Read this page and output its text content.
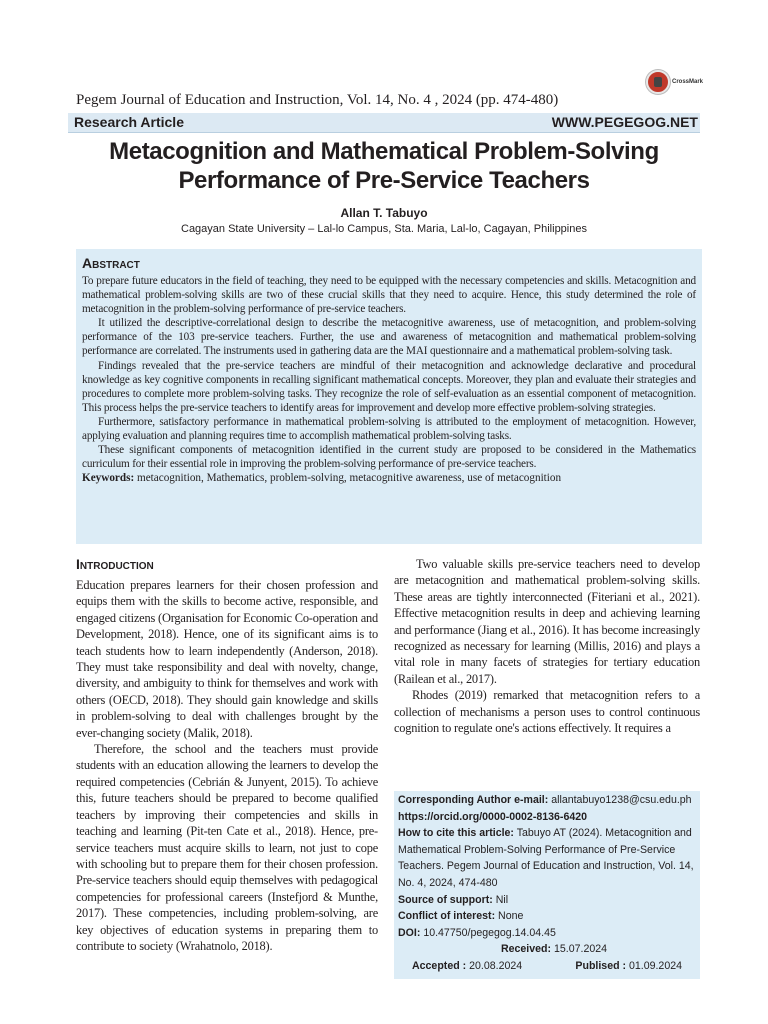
CrossMark
Pegem Journal of Education and Instruction, Vol. 14, No. 4 , 2024 (pp. 474-480)
Research Article	WWW.PEGEGOG.NET
Metacognition and Mathematical Problem-Solving
Performance of Pre-Service Teachers
Allan T. Tabuyo
Cagayan State University – Lal-lo Campus, Sta. Maria, Lal-lo, Cagayan, Philippines
Abstract

To prepare future educators in the field of teaching, they need to be equipped with the necessary competencies and skills. Metacognition and mathematical problem-solving skills are two of these crucial skills that they need to acquire. Hence, this study determined the role of metacognition in the problem-solving performance of pre-service teachers.

It utilized the descriptive-correlational design to describe the metacognitive awareness, use of metacognition, and problem-solving performance of the 103 pre-service teachers. Further, the use and awareness of metacognition and mathematical problem-solving performance are correlated. The instruments used in gathering data are the MAI questionnaire and a mathematical problem-solving task.

Findings revealed that the pre-service teachers are mindful of their metacognition and acknowledge declarative and procedural knowledge as key cognitive components in recalling significant mathematical concepts. Moreover, they plan and evaluate their strategies and procedures to complete more problem-solving tasks. They recognize the role of self-evaluation as an essential component of metacognition. This process helps the pre-service teachers to identify areas for improvement and develop more effective problem-solving strategies.

Furthermore, satisfactory performance in mathematical problem-solving is attributed to the employment of metacognition. However, applying evaluation and planning requires time to accomplish mathematical problem-solving tasks.

These significant components of metacognition identified in the current study are proposed to be considered in the Mathematics curriculum for their essential role in improving the problem-solving performance of pre-service teachers.

Keywords: metacognition, Mathematics, problem-solving, metacognitive awareness, use of metacognition
Introduction

Education prepares learners for their chosen profession and equips them with the skills to become active, responsible, and engaged citizens (Organisation for Economic Co-operation and Development, 2018). Hence, one of its significant aims is to teach students how to learn independently (Anderson, 2018). They must take responsibility and deal with novelty, change, diversity, and ambiguity to think for themselves and work with others (OECD, 2018). They should gain knowledge and skills in problem-solving to deal with challenges brought by the ever-changing society (Malik, 2018).

Therefore, the school and the teachers must provide students with an education allowing the learners to develop the required competencies (Cebrián & Junyent, 2015). To achieve this, future teachers should be prepared to become qualified teachers by improving their competencies and skills in teaching and learning (Pit-ten Cate et al., 2018). Hence, pre-service teachers must acquire skills to learn, not just to cope with schooling but to prepare them for their chosen profession. Pre-service teachers should equip themselves with pedagogical competencies for professional careers (Instefjord & Munthe, 2017). These competencies, including problem-solving, are key objectives of education systems in preparing them to contribute to society (Wrahatnolo, 2018).

Two valuable skills pre-service teachers need to develop are metacognition and mathematical problem-solving skills. These areas are tightly interconnected (Fiteriani et al., 2021). Effective metacognition results in deep and achieving learning and performance (Jiang et al., 2016). It has become increasingly recognized as necessary for learning (Millis, 2016) and plays a vital role in many facets of strategies for tertiary education (Railean et al., 2017).

Rhodes (2019) remarked that metacognition refers to a collection of mechanisms a person uses to control continuous cognition to regulate one's actions effectively. It requires a

Corresponding Author e-mail: allantabuyo1238@csu.edu.ph
https://orcid.org/0000-0002-8136-6420
How to cite this article: Tabuyo AT (2024). Metacognition and Mathematical Problem-Solving Performance of Pre-Service Teachers. Pegem Journal of Education and Instruction, Vol. 14, No. 4, 2024, 474-480
Source of support: Nil
Conflict of interest: None
DOI: 10.47750/pegegog.14.04.45
Received: 15.07.2024
Accepted : 20.08.2024	Publised : 01.09.2024
